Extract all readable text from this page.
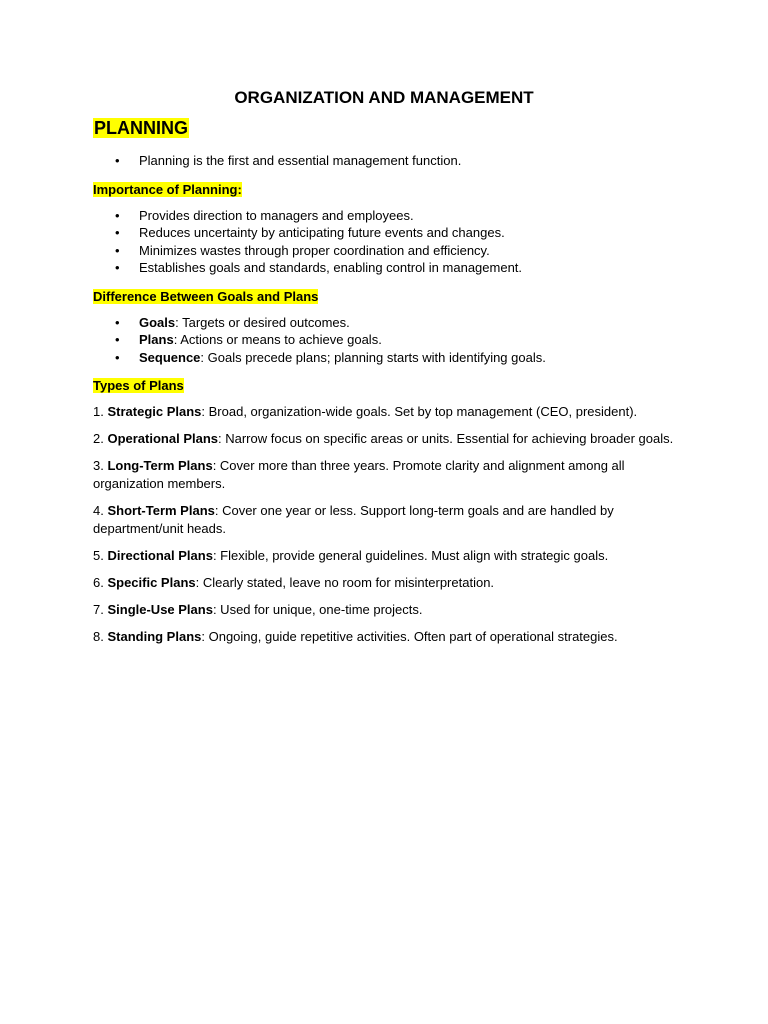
ORGANIZATION AND MANAGEMENT
PLANNING
• Planning is the first and essential management function.
Importance of Planning:
• Provides direction to managers and employees.
• Reduces uncertainty by anticipating future events and changes.
• Minimizes wastes through proper coordination and efficiency.
• Establishes goals and standards, enabling control in management.
Difference Between Goals and Plans
• Goals: Targets or desired outcomes.
• Plans: Actions or means to achieve goals.
• Sequence: Goals precede plans; planning starts with identifying goals.
Types of Plans
1. Strategic Plans: Broad, organization-wide goals. Set by top management (CEO, president).
2. Operational Plans: Narrow focus on specific areas or units. Essential for achieving broader goals.
3. Long-Term Plans: Cover more than three years. Promote clarity and alignment among all organization members.
4. Short-Term Plans: Cover one year or less. Support long-term goals and are handled by department/unit heads.
5. Directional Plans: Flexible, provide general guidelines. Must align with strategic goals.
6. Specific Plans: Clearly stated, leave no room for misinterpretation.
7. Single-Use Plans: Used for unique, one-time projects.
8. Standing Plans: Ongoing, guide repetitive activities. Often part of operational strategies.
